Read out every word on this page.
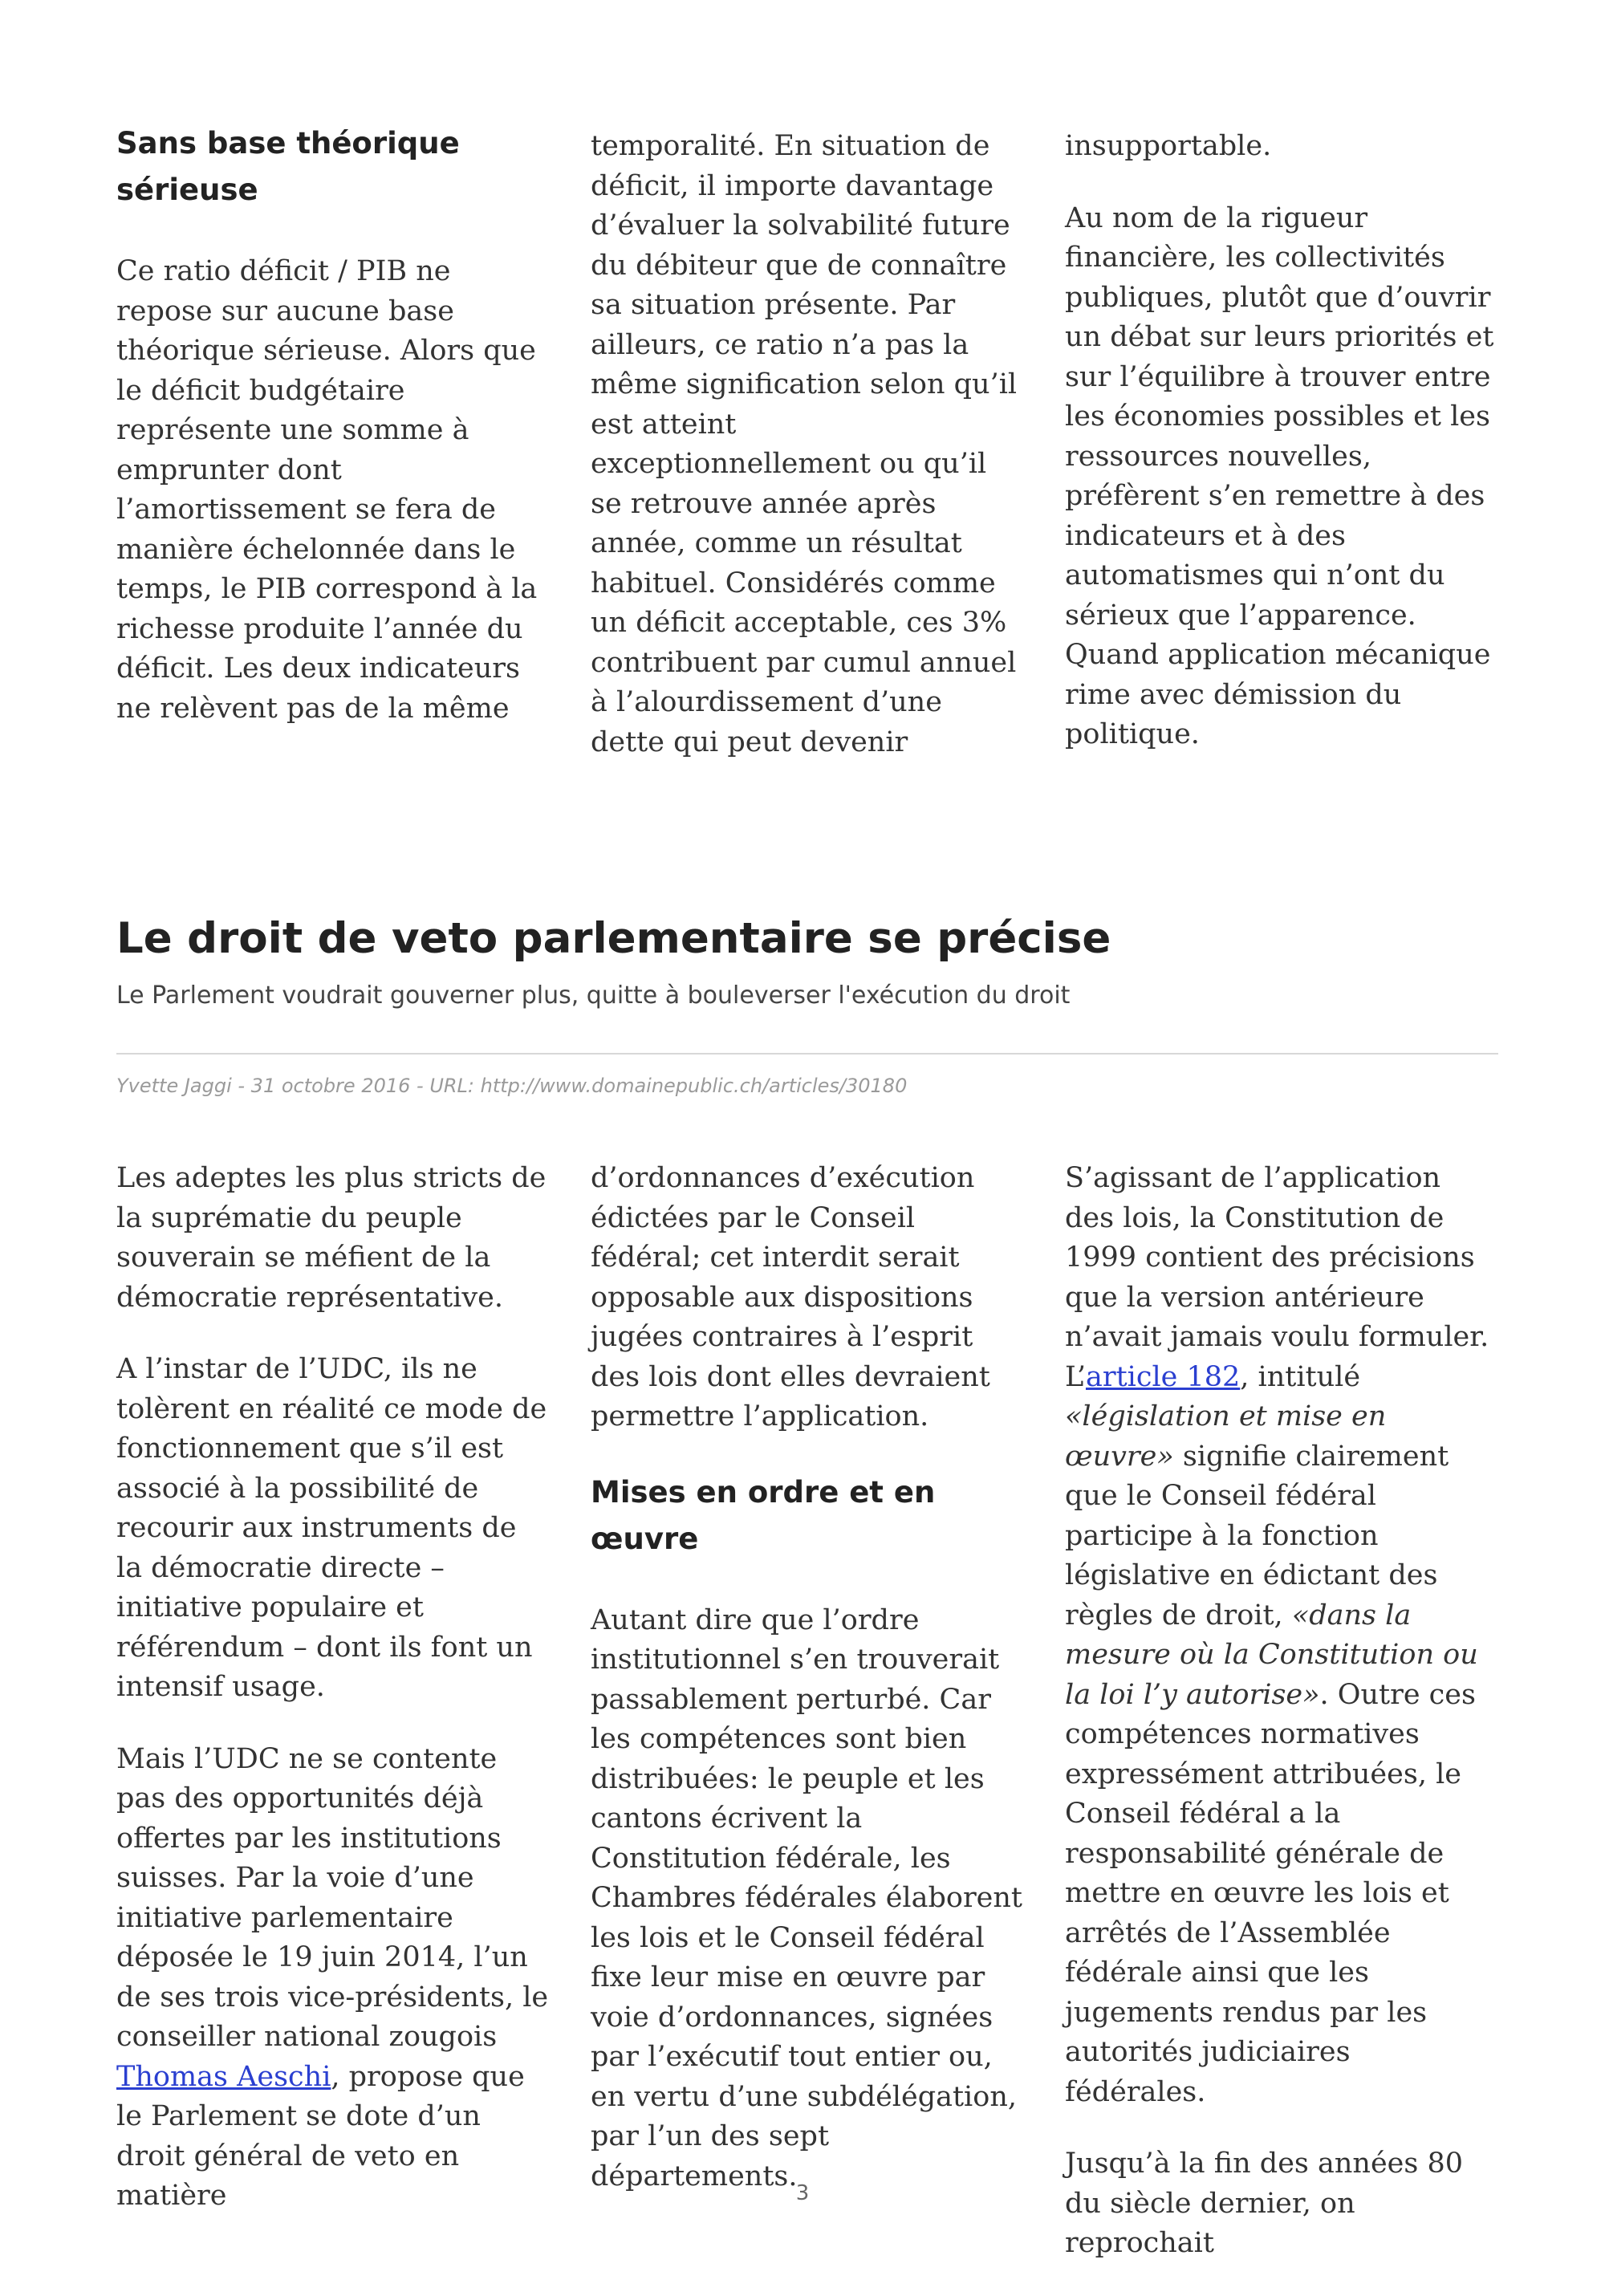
Sans base théorique sérieuse

Ce ratio déficit / PIB ne repose sur aucune base théorique sérieuse. Alors que le déficit budgétaire représente une somme à emprunter dont l’amortissement se fera de manière échelonnée dans le temps, le PIB correspond à la richesse produite l’année du déficit. Les deux indicateurs ne relèvent pas de la même

temporalité. En situation de déficit, il importe davantage d’évaluer la solvabilité future du débiteur que de connaître sa situation présente. Par ailleurs, ce ratio n’a pas la même signification selon qu’il est atteint exceptionnellement ou qu’il se retrouve année après année, comme un résultat habituel. Considérés comme un déficit acceptable, ces 3% contribuent par cumul annuel à l’alourdissement d’une dette qui peut devenir

insupportable.

Au nom de la rigueur financière, les collectivités publiques, plutôt que d’ouvrir un débat sur leurs priorités et sur l’équilibre à trouver entre les économies possibles et les ressources nouvelles, préfèrent s’en remettre à des indicateurs et à des automatismes qui n’ont du sérieux que l’apparence. Quand application mécanique rime avec démission du politique.

Le droit de veto parlementaire se précise

Le Parlement voudrait gouverner plus, quitte à bouleverser l'exécution du droit

Yvette Jaggi - 31 octobre 2016 - URL: http://www.domainepublic.ch/articles/30180

Les adeptes les plus stricts de la suprématie du peuple souverain se méfient de la démocratie représentative.

A l’instar de l’UDC, ils ne tolèrent en réalité ce mode de fonctionnement que s’il est associé à la possibilité de recourir aux instruments de la démocratie directe – initiative populaire et référendum – dont ils font un intensif usage.

Mais l’UDC ne se contente pas des opportunités déjà offertes par les institutions suisses. Par la voie d’une initiative parlementaire déposée le 19 juin 2014, l’un de ses trois vice-présidents, le conseiller national zougois Thomas Aeschi, propose que le Parlement se dote d’un droit général de veto en matière

d’ordonnances d’exécution édictées par le Conseil fédéral; cet interdit serait opposable aux dispositions jugées contraires à l’esprit des lois dont elles devraient permettre l’application.

Mises en ordre et en œuvre

Autant dire que l’ordre institutionnel s’en trouverait passablement perturbé. Car les compétences sont bien distribuées: le peuple et les cantons écrivent la Constitution fédérale, les Chambres fédérales élaborent les lois et le Conseil fédéral fixe leur mise en œuvre par voie d’ordonnances, signées par l’exécutif tout entier ou, en vertu d’une subdélégation, par l’un des sept départements.

S’agissant de l’application des lois, la Constitution de 1999 contient des précisions que la version antérieure n’avait jamais voulu formuler. L’article 182, intitulé «législation et mise en œuvre» signifie clairement que le Conseil fédéral participe à la fonction législative en édictant des règles de droit, «dans la mesure où la Constitution ou la loi l’y autorise». Outre ces compétences normatives expressément attribuées, le Conseil fédéral a la responsabilité générale de mettre en œuvre les lois et arrêtés de l’Assemblée fédérale ainsi que les jugements rendus par les autorités judiciaires fédérales.

Jusqu’à la fin des années 80 du siècle dernier, on reprochait

3
